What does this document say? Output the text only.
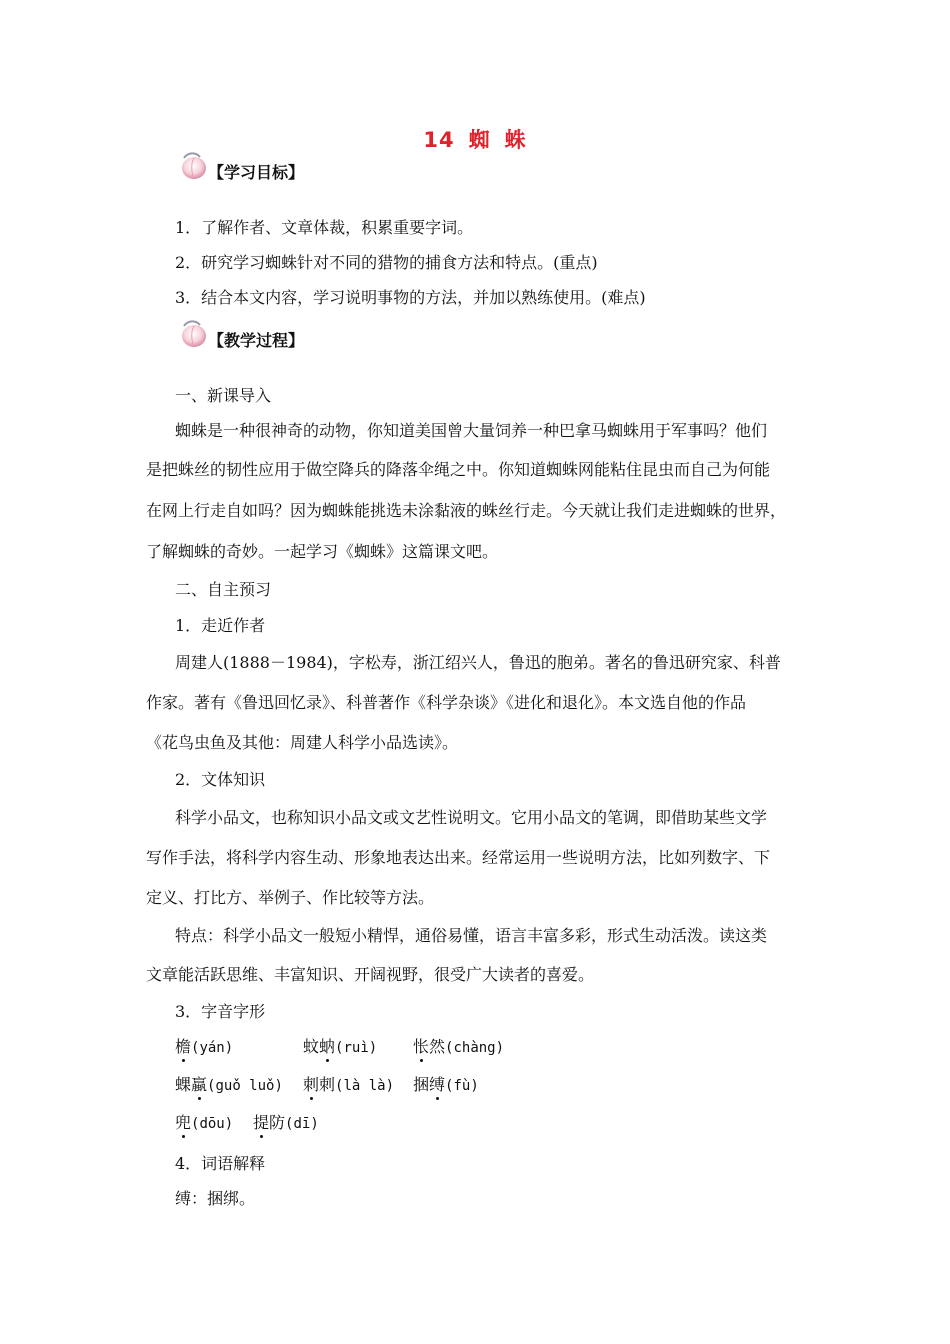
14 蜘 蛛
【学习目标】
1．了解作者、文章体裁，积累重要字词。
2．研究学习蜘蛛针对不同的猎物的捕食方法和特点。(重点)
3．结合本文内容，学习说明事物的方法，并加以熟练使用。(难点)
【教学过程】
一、新课导入
蜘蛛是一种很神奇的动物，你知道美国曾大量饲养一种巴拿马蜘蛛用于军事吗？他们
是把蛛丝的韧性应用于做空降兵的降落伞绳之中。你知道蜘蛛网能粘住昆虫而自己为何能
在网上行走自如吗？因为蜘蛛能挑选未涂黏液的蛛丝行走。今天就让我们走进蜘蛛的世界，
了解蜘蛛的奇妙。一起学习《蜘蛛》这篇课文吧。
二、自主预习
1．走近作者
周建人(1888－1984)，字松寿，浙江绍兴人，鲁迅的胞弟。著名的鲁迅研究家、科普
作家。著有《鲁迅回忆录》、科普著作《科学杂谈》《进化和退化》。本文选自他的作品
《花鸟虫鱼及其他：周建人科学小品选读》。
2．文体知识
科学小品文，也称知识小品文或文艺性说明文。它用小品文的笔调，即借助某些文学
写作手法，将科学内容生动、形象地表达出来。经常运用一些说明方法，比如列数字、下
定义、打比方、举例子、作比较等方法。
特点：科学小品文一般短小精悍，通俗易懂，语言丰富多彩，形式生动活泼。读这类
文章能活跃思维、丰富知识、开阔视野，很受广大读者的喜爱。
3．字音字形
檐(yán)	蚊蚋(ruì) 怅然(chàng)
蜾蠃(guǒ luǒ) 刺刺(là là) 捆缚(fù)
兜(dōu) 提防(dī)
4．词语解释
缚：捆绑。
